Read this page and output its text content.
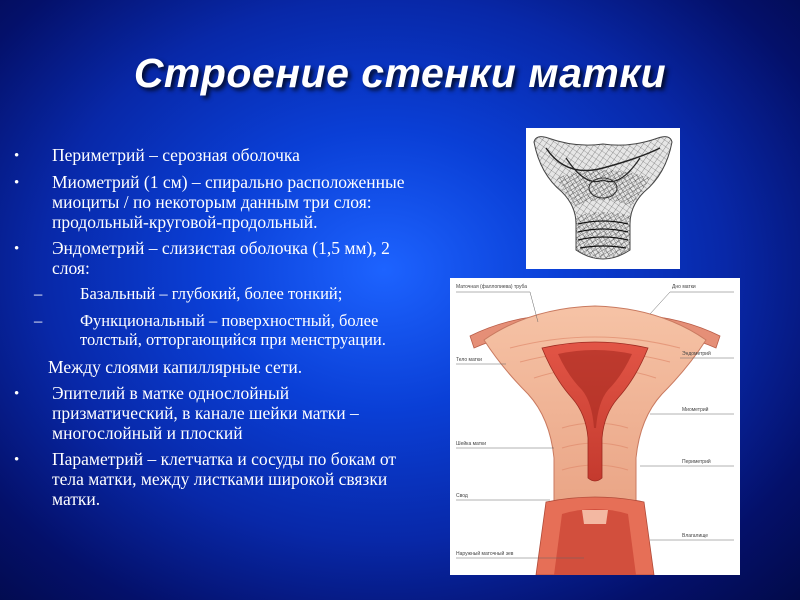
Строение стенки матки
•	Периметрий – серозная оболочка
•	Миометрий (1 см) – спирально расположенные миоциты / по некоторым данным три слоя: продольный-круговой-продольный.
•	Эндометрий – слизистая оболочка (1,5 мм), 2 слоя:
–	Базальный – глубокий, более тонкий;
–	Функциональный – поверхностный, более толстый, отторгающийся при менструации.
Между слоями капиллярные сети.
•	Эпителий в матке однослойный призматический, в канале шейки матки – многослойный и плоский
•	Параметрий – клетчатка и сосуды по бокам от тела матки, между листками широкой связки матки.
Маточная (фаллопиева) труба	Дно матки
Тело матки
Эндометрий
Миометрий
Шейка матки
Периметрий
Свод
Влагалище
Наружный маточный зев
